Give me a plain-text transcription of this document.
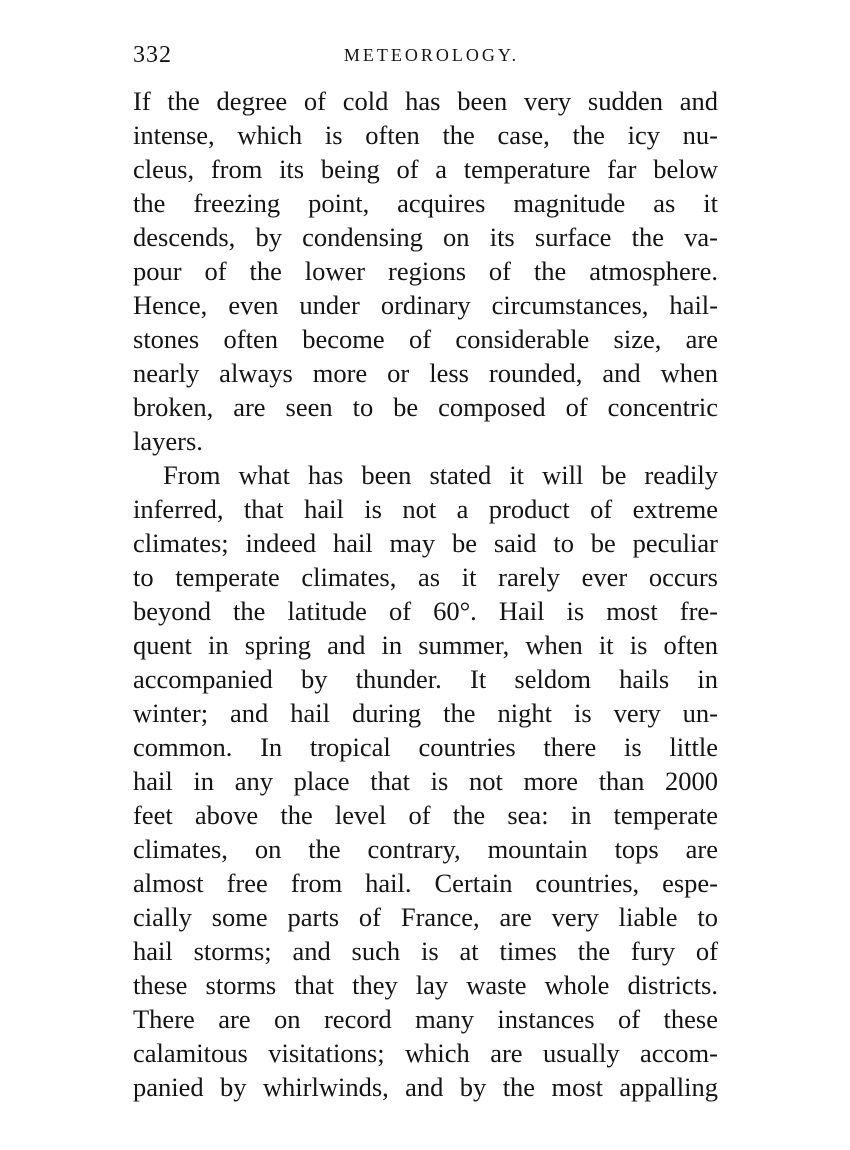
332	METEOROLOGY.
If the degree of cold has been very sudden and
intense, which is often the case, the icy nu-
cleus, from its being of a temperature far below
the freezing point, acquires magnitude as it
descends, by condensing on its surface the va-
pour of the lower regions of the atmosphere.
Hence, even under ordinary circumstances, hail-
stones often become of considerable size, are
nearly always more or less rounded, and when
broken, are seen to be composed of concentric
layers.
From what has been stated it will be readily
inferred, that hail is not a product of extreme
climates; indeed hail may be said to be peculiar
to temperate climates, as it rarely ever occurs
beyond the latitude of 60°. Hail is most fre-
quent in spring and in summer, when it is often
accompanied by thunder. It seldom hails in
winter; and hail during the night is very un-
common. In tropical countries there is little
hail in any place that is not more than 2000
feet above the level of the sea: in temperate
climates, on the contrary, mountain tops are
almost free from hail. Certain countries, espe-
cially some parts of France, are very liable to
hail storms; and such is at times the fury of
these storms that they lay waste whole districts.
There are on record many instances of these
calamitous visitations; which are usually accom-
panied by whirlwinds, and by the most appalling
